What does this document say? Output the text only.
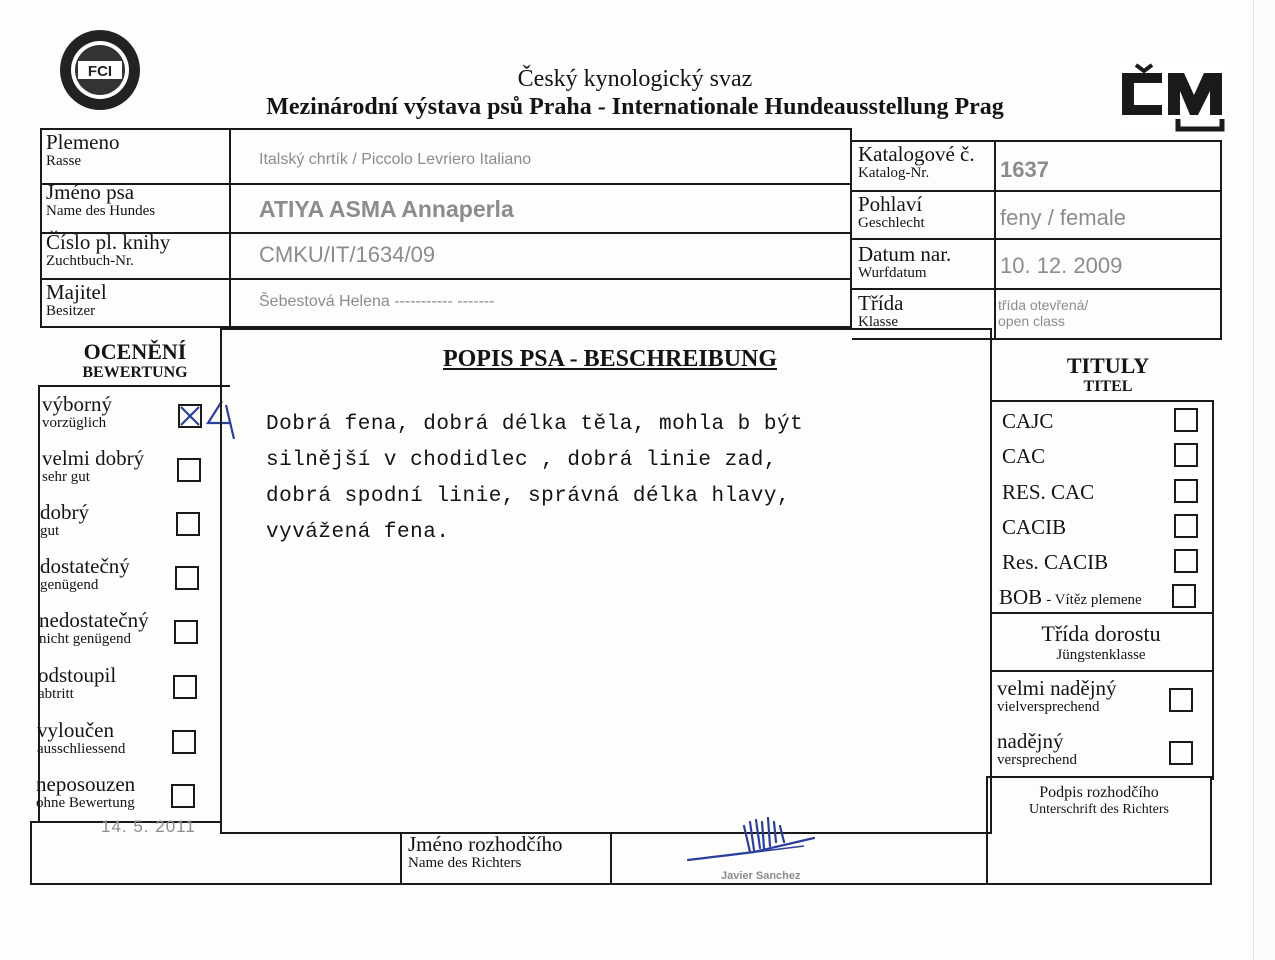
FCI	Český kynologický svaz
Mezinárodní výstava psů Praha - Internationale Hundeausstellung Prag
Plemeno
Rasse
Jméno psa
Name des Hundes
Číslo pl. knihy
Zuchtbuch-Nr.
Majitel
Besitzer
Italský chrtík / Piccolo Levriero Italiano
ATIYA ASMA Annaperla
CMKU/IT/1634/09
Šebestová Helena ----------- -------
Katalogové č.
Katalog-Nr.
Pohlaví
Geschlecht
Datum nar.
Wurfdatum
Třída
Klasse
1637
feny / female
10. 12. 2009
třída otevřená/
open class
OCENĚNÍ
BEWERTUNG
výborný
vorzüglich
velmi dobrý
sehr gut
dobrý
gut
dostatečný
genügend
nedostatečný
nicht genügend
odstoupil
abtritt
vyloučen
ausschliessend
neposouzen
ohne Bewertung
POPIS PSA - BESCHREIBUNG
Dobrá fena, dobrá délka těla, mohla b být
silnější v chodidlec , dobrá linie zad,
dobrá spodní linie, správná délka hlavy,
vyvážená fena.
TITULY
TITEL
CAJC
CAC
RES. CAC
CACIB
Res. CACIB
BOB - Vítěz plemene
Třída dorostu
Jüngstenklasse
velmi nadějný
vielversprechend
nadějný
versprechend
Podpis rozhodčího
Unterschrift des Richters
14. 5. 2011
Jméno rozhodčího
Name des Richters
Javier Sanchez
